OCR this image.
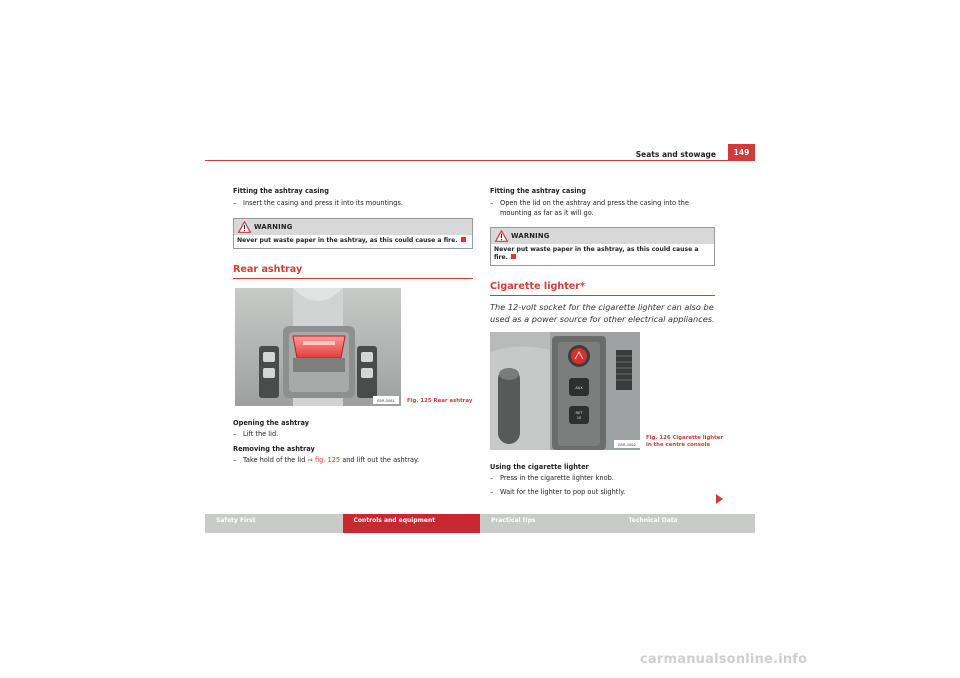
Seats and stowage	149
Fitting the ashtray casing
– Insert the casing and press it into its mountings.
WARNING
Never put waste paper in the ashtray, as this could cause a fire.
Rear ashtray
B5R-0061 Fig. 125 Rear ashtray
Opening the ashtray
– Lift the lid.
Removing the ashtray
– Take hold of the lid ⇒ fig. 125 and lift out the ashtray.
Fitting the ashtray casing
– Open the lid on the ashtray and press the casing into the mounting as far as it will go.
WARNING
Never put waste paper in the ashtray, as this could cause a fire.
Cigarette lighter*
The 12-volt socket for the cigarette lighter can also be used as a power source for other electrical appliances.
AUX
RET
10
B5R-0062
Fig. 126 Cigarette lighter
in the centre console
Using the cigarette lighter
– Press in the cigarette lighter knob.
– Wait for the lighter to pop out slightly.
Safety First	Controls and equipment	Practical tips	Technical Data
carmanualsonline.info
